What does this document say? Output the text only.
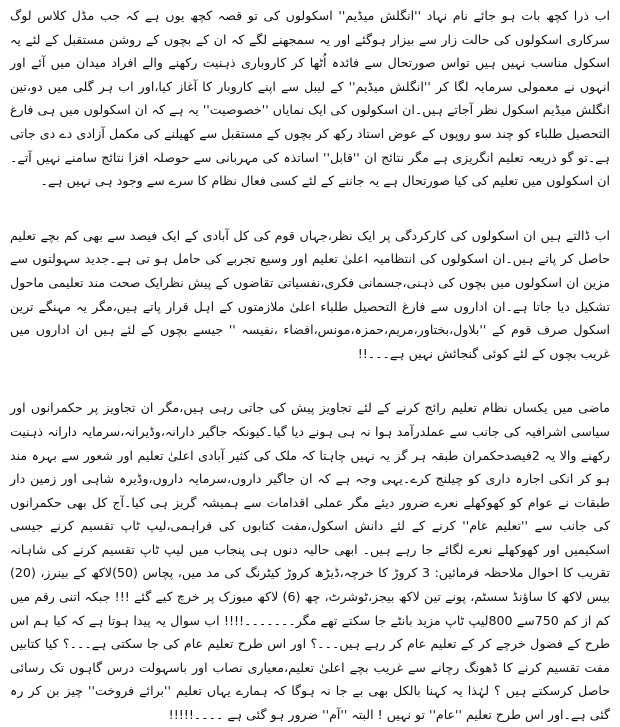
اب ذرا کچھ بات ہو جائے نام نہاد ''انگلش میڈیم'' اسکولوں کی تو قصہ کچھ یوں ہے کہ جب مڈل کلاس لوگ سرکاری اسکولوں کی حالت زار سے بیزار ہوگئے اور یہ سمجھنے لگے کہ ان کے بچوں کے روشن مستقبل کے لئے یہ اسکول مناسب نہیں ہیں تواس صورتحال سے فائدہ اُٹھا کر کاروباری ذہنیت رکھنے والے افراد میدان میں آئے اور انہوں نے معمولی سرمایہ لگا کر ''انگلش میڈیم'' کے لیبل سے اپنے کاروبار کا آغاز کیا،اور اب ہر گلی میں دو،تین انگلش میڈیم اسکول نظر آجاتے ہیں۔ان اسکولوں کی ایک نمایاں ''خصوصیت'' یہ ہے کہ ان اسکولوں میں ہی فارغ التحصیل طلباء کو چند سو روپوں کے عوض استاد رکھ کر بچوں کے مستقبل سے کھیلنے کی مکمل آزادی دے دی جاتی ہے۔تو گو ذریعہ تعلیم انگریزی ہے مگر نتائج ان ''قابل'' اساتذہ کی مہربانی سے حوصلہ افزا نتائج سامنے نہیں آتے۔ان اسکولوں میں تعلیم کی کیا صورتحال ہے یہ جاننے کے لئے کسی فعال نظام کا سرے سے وجود ہی نہیں ہے۔

اب ڈالتے ہیں ان اسکولوں کی کارکردگی پر ایک نظر،جہاں قوم کی کل آبادی کے ایک فیصد سے بھی کم بچے تعلیم حاصل کر پاتے ہیں۔ان اسکولوں کی انتظامیہ اعلیٰ تعلیم اور وسیع تجربے کی حامل ہو تی ہے۔جدید سہولتوں سے مزین ان اسکولوں میں بچوں کی ذہنی،جسمانی فکری،نفسیاتی تقاضوں کے پیش نظرایک صحت مند تعلیمی ماحول تشکیل دیا جاتا ہے۔ان اداروں سے فارغ التحصیل طلباء اعلیٰ ملازمتوں کے اہل قرار پاتے ہیں،مگر یہ مہنگے ترین اسکول صرف قوم کے ''بلاول،بختاور،مریم،حمزہ،مونس،افضاء ،نفیسہ '' جیسے بچوں کے لئے ہیں ان اداروں میں غریب بچوں کے لئے کوئی گنجائش نہیں ہے۔۔۔!!

ماضی میں یکساں نظام تعلیم رائج کرنے کے لئے تجاویز پیش کی جاتی رہی ہیں،مگر ان تجاویز پر حکمرانوں اور سیاسی اشرافیہ کی جانب سے عملدرآمد ہوا نہ ہی ہونے دیا گیا۔کیونکہ جاگیر دارانہ،وڈیرانہ،سرمایہ دارانہ ذہنیت رکھنے والا یہ 2فیصدحکمران طبقہ ہر گز یہ نہیں چاہتا کہ ملک کی کثیر آبادی اعلیٰ تعلیم اور شعور سے بہرہ مند ہو کر انکی اجارہ داری کو چیلنج کرے۔یہی وجہ ہے کہ ان جاگیر داروں،سرمایہ داروں،وڈیرہ شاہی اور زمین دار طبقات نے عوام کو کھوکھلے نعرے ضرور دیئے مگر عملی اقدامات سے ہمیشہ گریز ہی کیا۔آج کل بھی حکمرانوں کی جانب سے ''تعلیم عام'' کرنے کے لئے دانش اسکول،مفت کتابوں کی فراہمی،لیپ ٹاپ تقسیم کرنے جیسی اسکیمیں اور کھوکھلے نعرے لگائے جا رہے ہیں۔ ابھی حالیہ دنوں ہی پنجاب میں لیپ ٹاپ تقسیم کرنے کی شاہانہ تقریب کا احوال ملاحظہ فرمائیں: 3 کروڑ کا خرچہ،ڈیڑھ کروڑ کیٹرنگ کی مد میں، پچاس (50)لاکھ کے بینرز، (20) بیس لاکھ کا ساؤنڈ سسٹم، پونے تین لاکھ بیجز،ٹوشرٹ، چھ (6) لاکھ میوزک پر خرچ کیے گئے !!! جبکہ اتنی رقم میں کم از کم 750سے 800لیپ ٹاپ مزید بانٹے جا سکتے تھے مگر۔۔۔۔۔۔۔!!!! اب سوال یہ پیدا ہوتا ہے کہ کیا ہم اس طرح کے فضول خرچے کر کے تعلیم عام کر رہے ہیں۔۔۔؟ اور اس طرح تعلیم عام کی جا سکتی ہے۔۔۔؟ کیا کتابیں مفت تقسیم کرنے کا ڈھونگ رچانے سے غریب بچے اعلیٰ تعلیم،معیاری نصاب اور باسہولت درس گاہوں تک رسائی حاصل کرسکتے ہیں ؟ لہٰذا یہ کہنا بالکل بھی بے جا نہ ہوگا کہ ہمارے یہاں تعلیم ''برائے فروخت'' چیز بن کر رہ گئی ہے۔اور اس طرح تعلیم ''عام'' تو نہیں ! البتہ ''آم'' ضرور ہو گئی ہے ۔۔۔۔!!!!!
